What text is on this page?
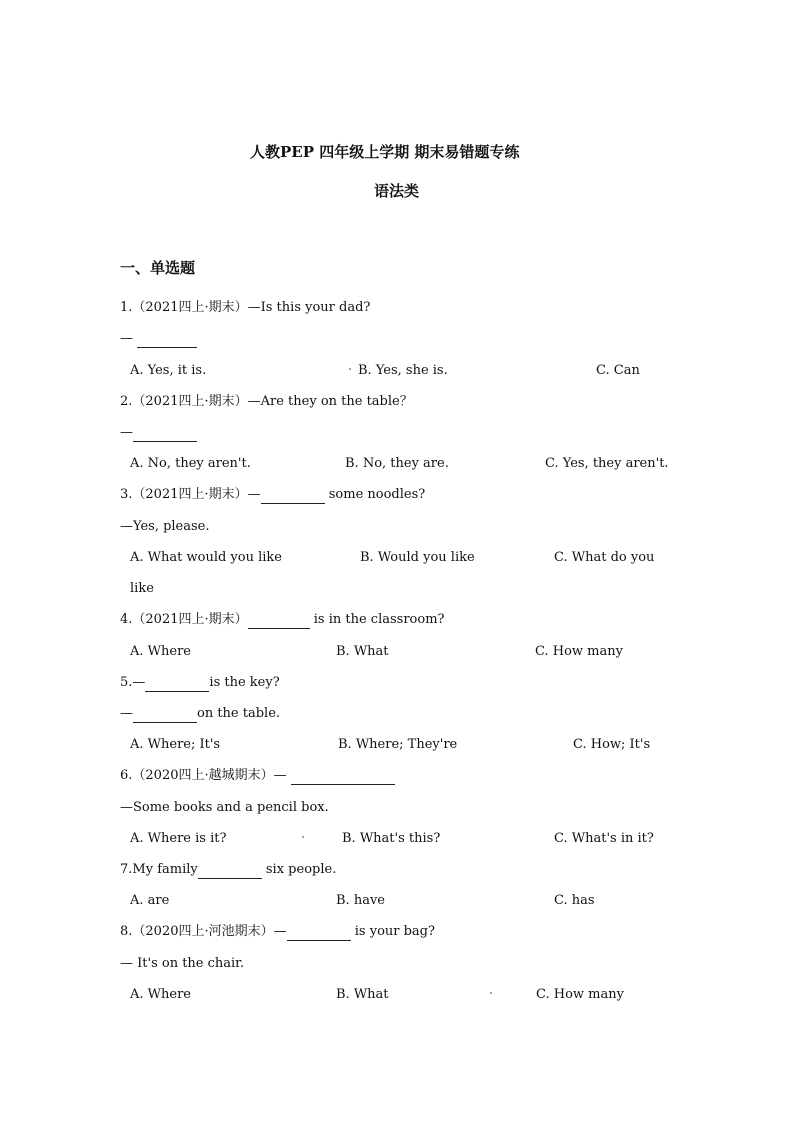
人教PEP 四年级上学期 期末易错题专练
语法类
一、单选题
1.（2021四上·期末）—Is this your dad?
—
A. Yes, it is.	B. Yes, she is.	C. Can
2.（2021四上·期末）—Are they on the table？
—
A. No, they aren't.	B. No, they are.	C. Yes, they aren't.
3.（2021四上·期末）—	some noodles?
—Yes, please.
A. What would you like	B. Would you like	C. What do you
like
4.（2021四上·期末）	is in the classroom?
A. Where	B. What	C. How many
5.—	is the key?
—	on the table.
A. Where; It's	B. Where; They're	C. How; It's
6.（2020四上·越城期末）—
—Some books and a pencil box.
A. Where is it?	B. What's this?	C. What's in it?
7.My family	six people.
A. are	B. have	C. has
8.（2020四上·河池期末）—	is your bag?
— It's on the chair.
A. Where	B. What	C. How many
